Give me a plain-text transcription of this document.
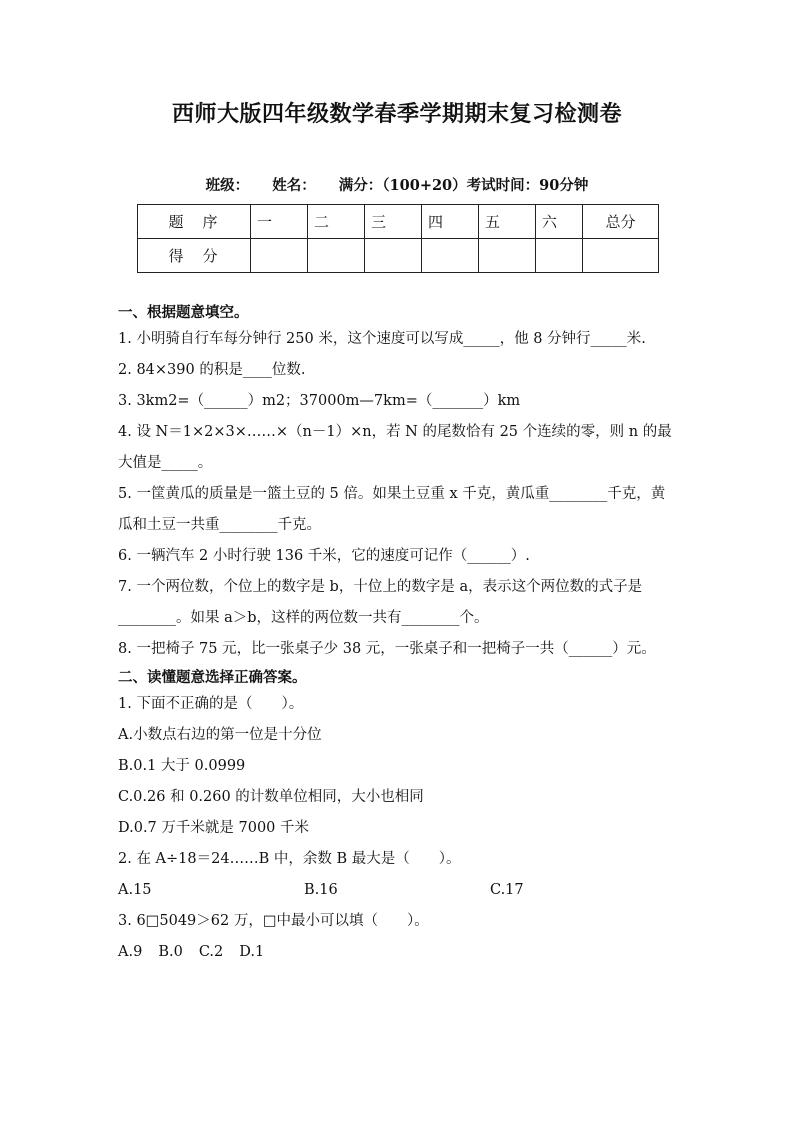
西师大版四年级数学春季学期期末复习检测卷
班级： 姓名： 满分：（100+20）考试时间：90分钟
题　序	一	二	三	四	五	六	总分
得　分							
一、根据题意填空。
1. 小明骑自行车每分钟行 250 米，这个速度可以写成_____，他 8 分钟行_____米.
2. 84×390 的积是____位数.
3. 3km2=（______）m2；37000m—7km=（_______）km
4. 设 N＝1×2×3×……×（n－1）×n，若 N 的尾数恰有 25 个连续的零，则 n 的最大值是_____。
5. 一筐黄瓜的质量是一篮土豆的 5 倍。如果土豆重 x 千克，黄瓜重________千克，黄瓜和土豆一共重________千克。
6. 一辆汽车 2 小时行驶 136 千米，它的速度可记作（______）.
7. 一个两位数，个位上的数字是 b，十位上的数字是 a，表示这个两位数的式子是________。如果 a＞b，这样的两位数一共有________个。
8. 一把椅子 75 元，比一张桌子少 38 元，一张桌子和一把椅子一共（______）元。
二、读懂题意选择正确答案。
1. 下面不正确的是（　　）。
A.小数点右边的第一位是十分位
B.0.1 大于 0.0999
C.0.26 和 0.260 的计数单位相同，大小也相同
D.0.7 万千米就是 7000 千米
2. 在 A÷18＝24……B 中，余数 B 最大是（　　）。
A.15	B.16	C.17
3. 6□5049＞62 万，□中最小可以填（　　）。
A.9 B.0 C.2 D.1
